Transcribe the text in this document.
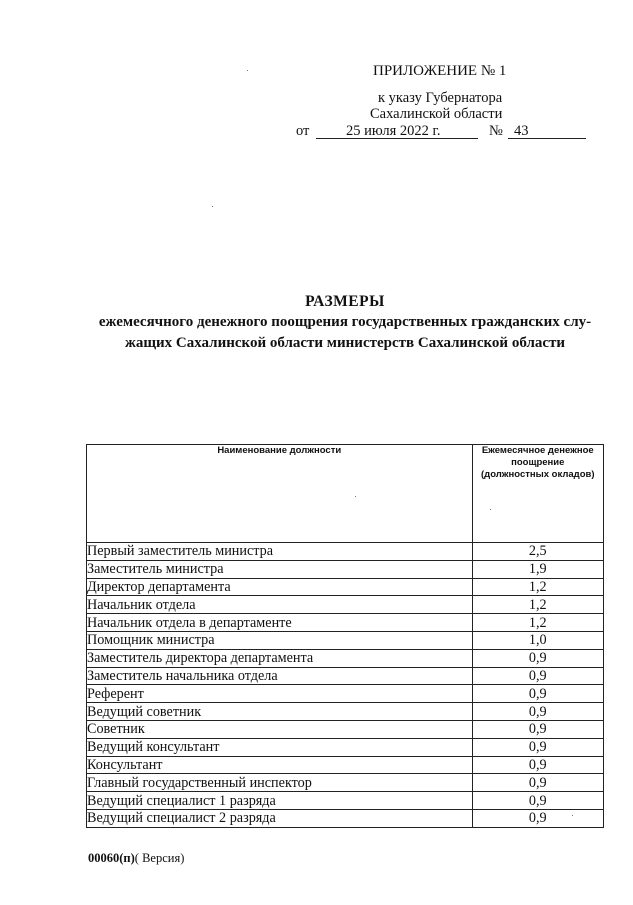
ПРИЛОЖЕНИЕ № 1
к указу Губернатора
Сахалинской области
от	25 июля 2022 г.	№ 43
РАЗМЕРЫ
ежемесячного денежного поощрения государственных гражданских слу-
жащих Сахалинской области министерств Сахалинской области
Наименование должности	Ежемесячное денежное
поощрение
(должностных окладов)

Первый заместитель министра	2,5
Заместитель министра	1,9
Директор департамента	1,2
Начальник отдела	1,2
Начальник отдела в департаменте	1,2
Помощник министра	1,0
Заместитель директора департамента	0,9
Заместитель начальника отдела	0,9
Референт	0,9
Ведущий советник	0,9
Советник	0,9
Ведущий консультант	0,9
Консультант	0,9
Главный государственный инспектор	0,9
Ведущий специалист 1 разряда	0,9
Ведущий специалист 2 разряда	0,9
00060(п)( Версия)
